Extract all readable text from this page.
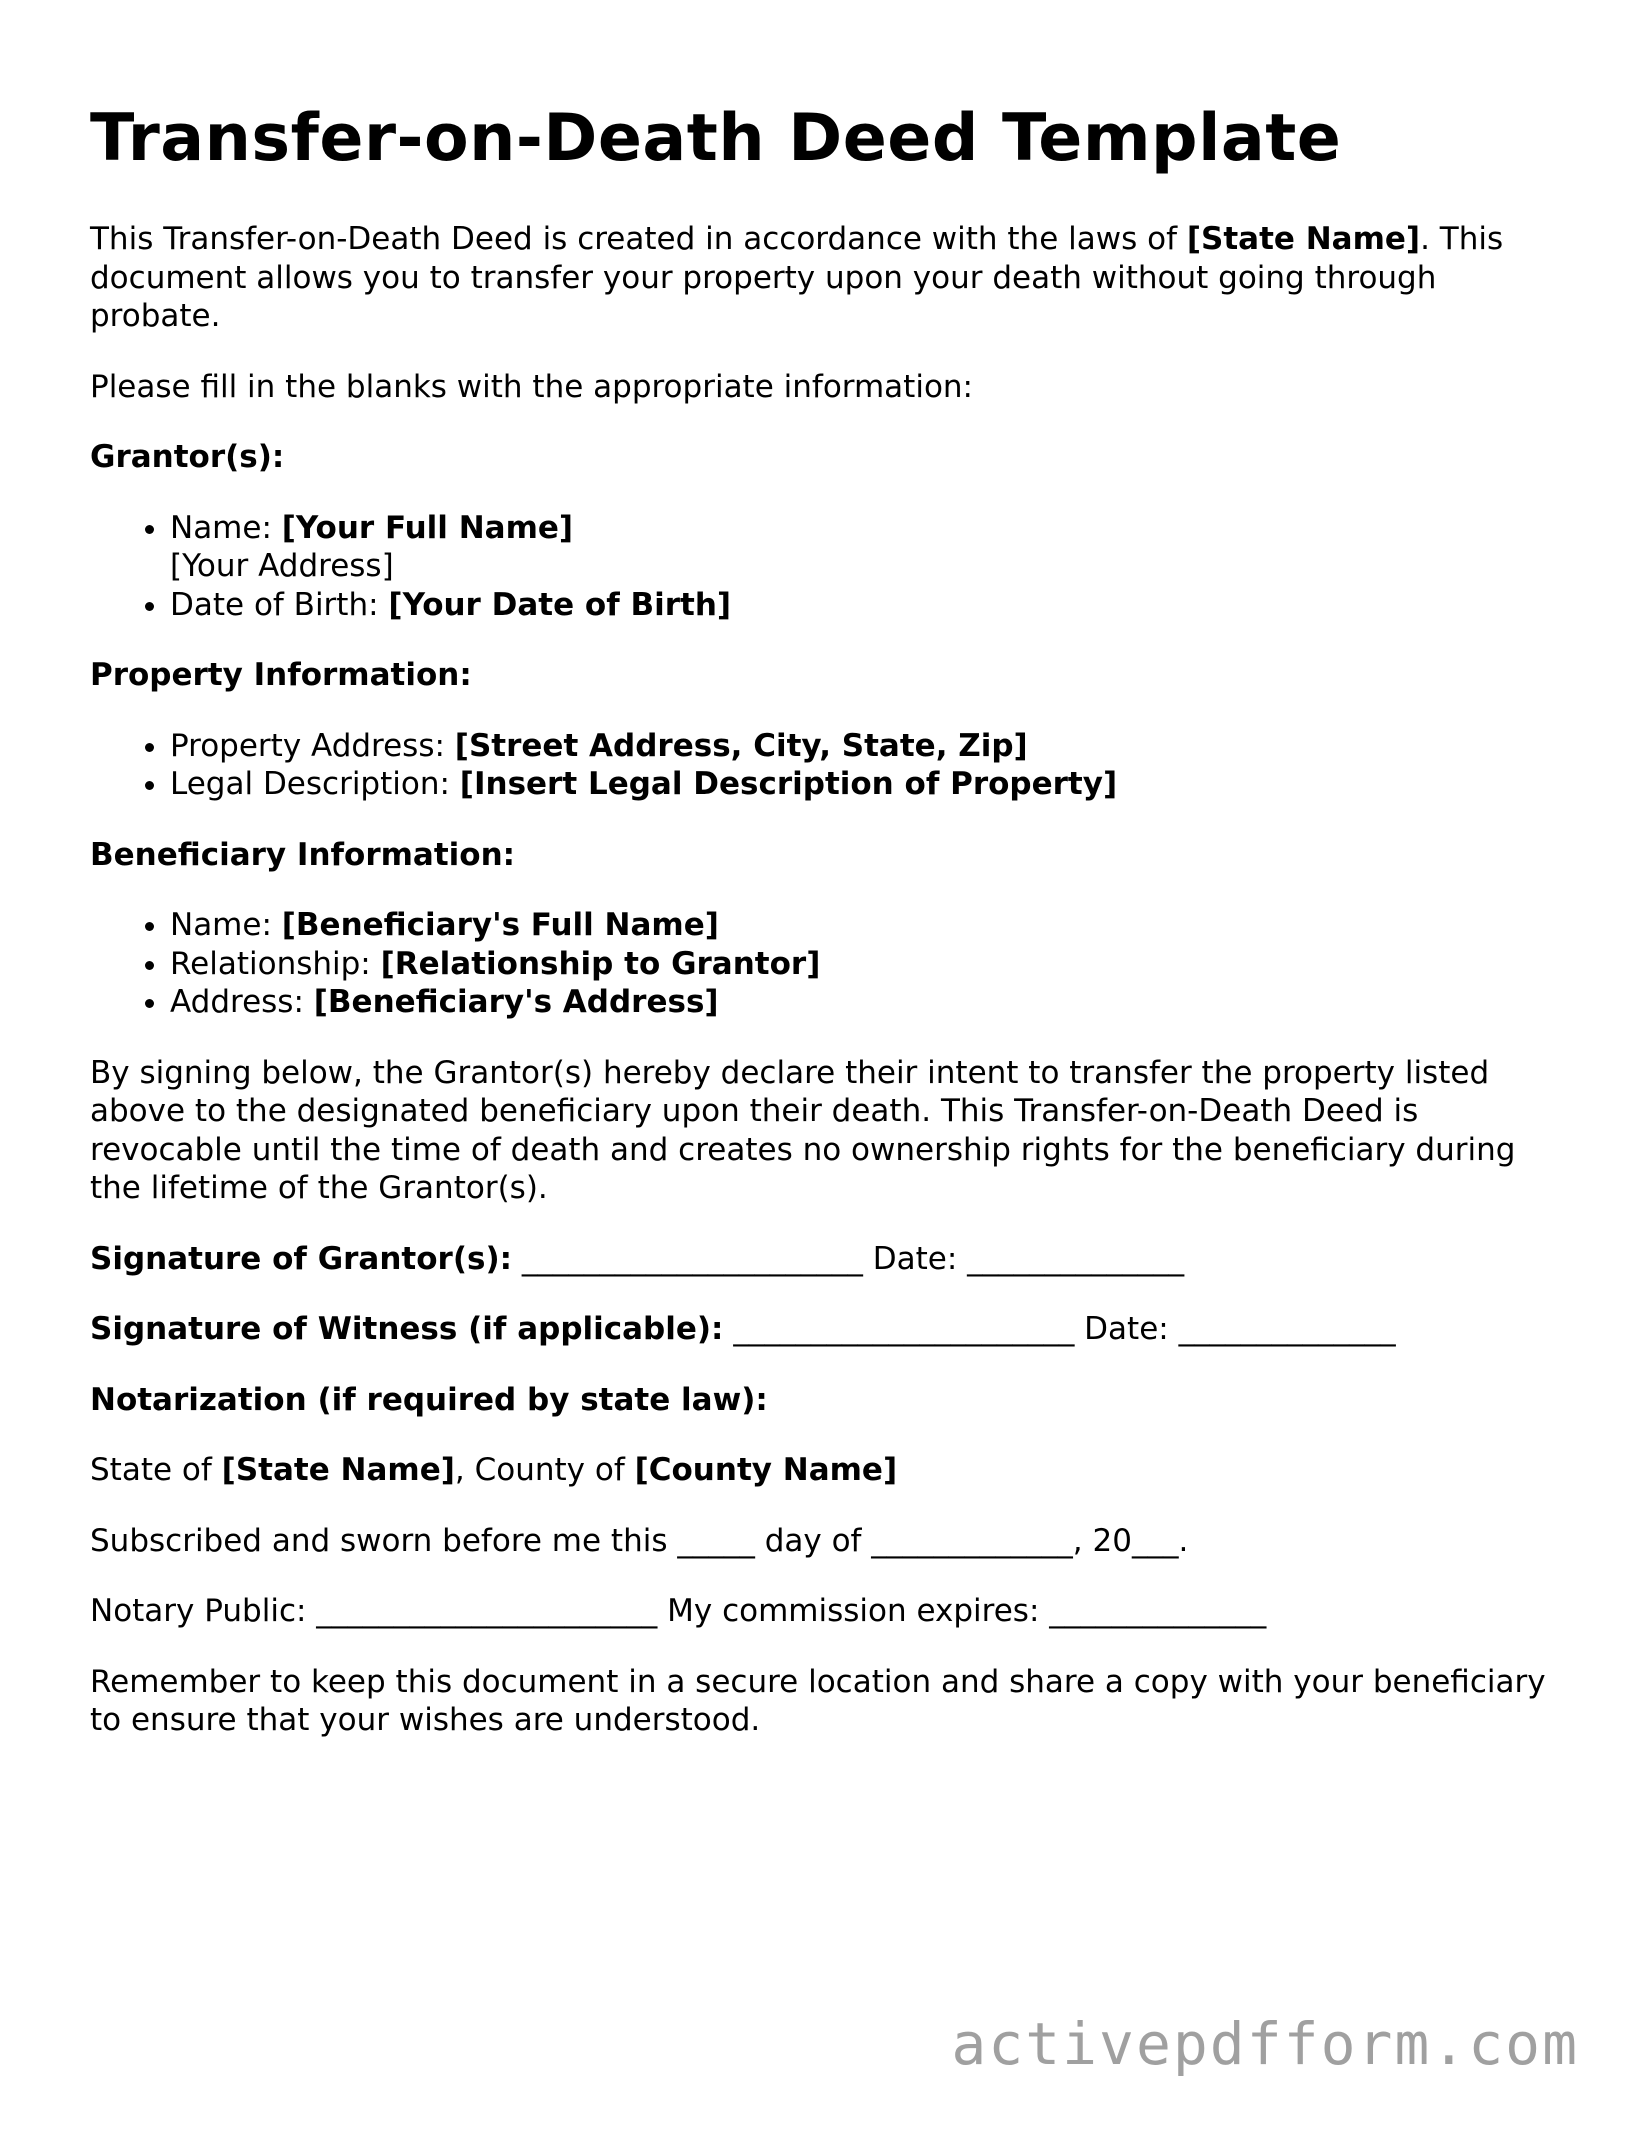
Transfer-on-Death Deed Template

This Transfer-on-Death Deed is created in accordance with the laws of [State Name]. This document allows you to transfer your property upon your death without going through probate.

Please fill in the blanks with the appropriate information:

Grantor(s):

• Name: [Your Full Name]
[Your Address]
• Date of Birth: [Your Date of Birth]

Property Information:

• Property Address: [Street Address, City, State, Zip]
• Legal Description: [Insert Legal Description of Property]

Beneficiary Information:

• Name: [Beneficiary's Full Name]
• Relationship: [Relationship to Grantor]
• Address: [Beneficiary's Address]

By signing below, the Grantor(s) hereby declare their intent to transfer the property listed above to the designated beneficiary upon their death. This Transfer-on-Death Deed is revocable until the time of death and creates no ownership rights for the beneficiary during the lifetime of the Grantor(s).

Signature of Grantor(s): ______________________ Date: ______________

Signature of Witness (if applicable): ______________________ Date: ______________

Notarization (if required by state law):

State of [State Name], County of [County Name]

Subscribed and sworn before me this _____ day of _____________, 20___.

Notary Public: ______________________ My commission expires: ______________

Remember to keep this document in a secure location and share a copy with your beneficiary to ensure that your wishes are understood.

activepdfform.com
